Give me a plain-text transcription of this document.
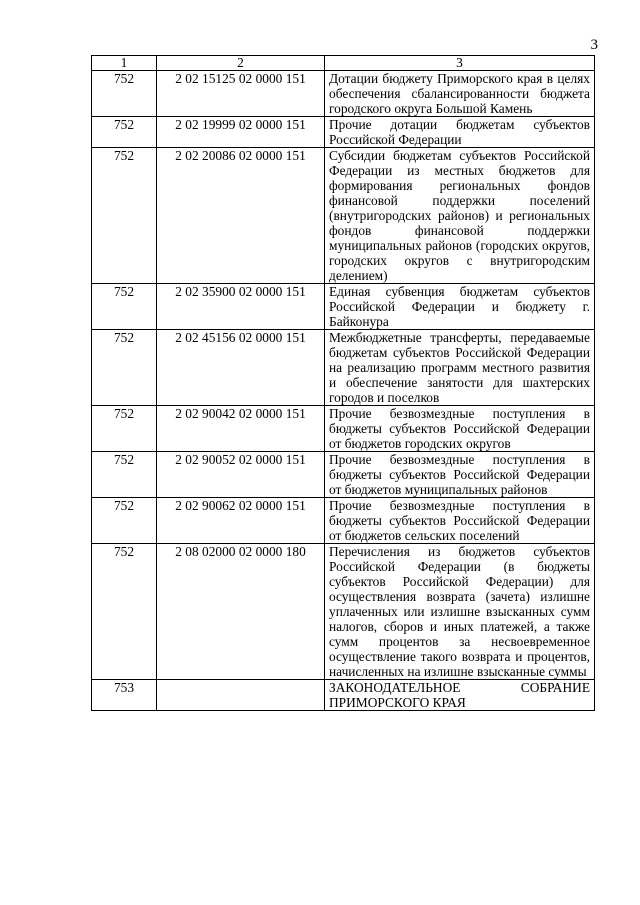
3
1	2	3
752	2 02 15125 02 0000 151	Дотации бюджету Приморского края в целях обеспечения сбалансированности бюджета городского округа Большой Камень
752	2 02 19999 02 0000 151	Прочие дотации бюджетам субъектов Российской Федерации
752	2 02 20086 02 0000 151	Субсидии бюджетам субъектов Российской Федерации из местных бюджетов для формирования региональных фондов финансовой поддержки поселений (внутригородских районов) и региональных фондов финансовой поддержки муниципальных районов (городских округов, городских округов с внутригородским делением)
752	2 02 35900 02 0000 151	Единая субвенция бюджетам субъектов Российской Федерации и бюджету г. Байконура
752	2 02 45156 02 0000 151	Межбюджетные трансферты, передаваемые бюджетам субъектов Российской Федерации на реализацию программ местного развития и обеспечение занятости для шахтерских городов и поселков
752	2 02 90042 02 0000 151	Прочие безвозмездные поступления в бюджеты субъектов Российской Федерации от бюджетов городских округов
752	2 02 90052 02 0000 151	Прочие безвозмездные поступления в бюджеты субъектов Российской Федерации от бюджетов муниципальных районов
752	2 02 90062 02 0000 151	Прочие безвозмездные поступления в бюджеты субъектов Российской Федерации от бюджетов сельских поселений
752	2 08 02000 02 0000 180	Перечисления из бюджетов субъектов Российской Федерации (в бюджеты субъектов Российской Федерации) для осуществления возврата (зачета) излишне уплаченных или излишне взысканных сумм налогов, сборов и иных платежей, а также сумм процентов за несвоевременное осуществление такого возврата и процентов, начисленных на излишне взысканные суммы
753		ЗАКОНОДАТЕЛЬНОЕ СОБРАНИЕ ПРИМОРСКОГО КРАЯ
